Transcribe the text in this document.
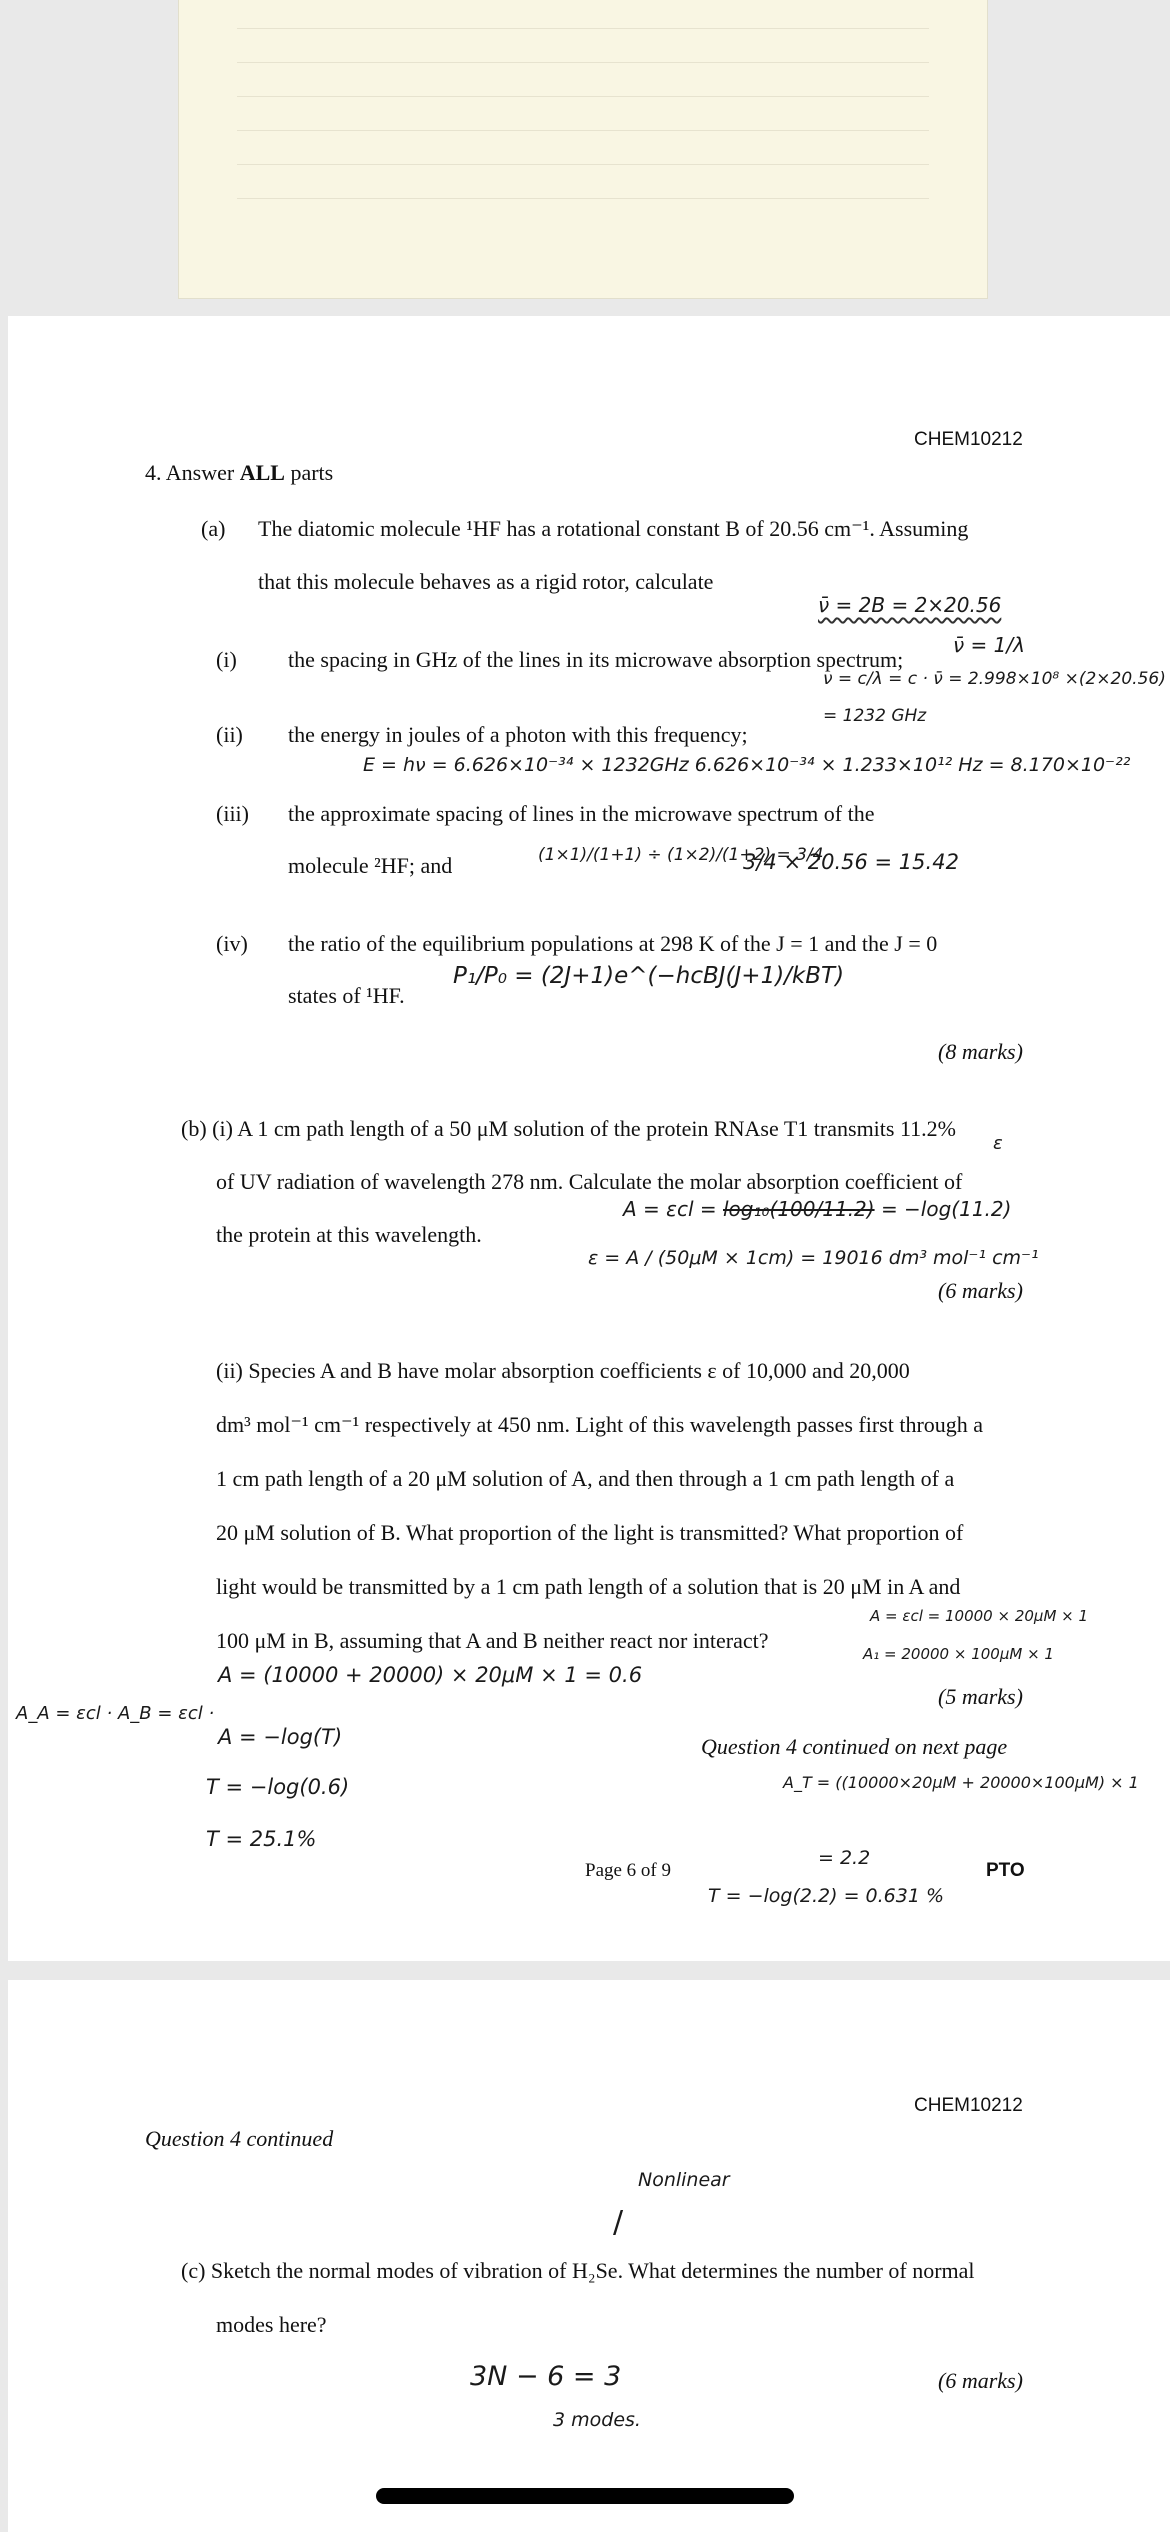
CHEM10212
4. Answer ALL parts
(a) The diatomic molecule ¹HF has a rotational constant B of 20.56 cm⁻¹. Assuming
that this molecule behaves as a rigid rotor, calculate
(i) the spacing in GHz of the lines in its microwave absorption spectrum;
(ii) the energy in joules of a photon with this frequency;
(iii) the approximate spacing of lines in the microwave spectrum of the
molecule ²HF; and
(iv) the ratio of the equilibrium populations at 298 K of the J = 1 and the J = 0
states of ¹HF.
(8 marks)
(b) (i) A 1 cm path length of a 50 μM solution of the protein RNAse T1 transmits 11.2%
of UV radiation of wavelength 278 nm. Calculate the molar absorption coefficient of
the protein at this wavelength.
(6 marks)
(ii) Species A and B have molar absorption coefficients ε of 10,000 and 20,000
dm³ mol⁻¹ cm⁻¹ respectively at 450 nm. Light of this wavelength passes first through a
1 cm path length of a 20 μM solution of A, and then through a 1 cm path length of a
20 μM solution of B. What proportion of the light is transmitted? What proportion of
light would be transmitted by a 1 cm path length of a solution that is 20 μM in A and
100 μM in B, assuming that A and B neither react nor interact?
(5 marks)
Question 4 continued on next page
Page 6 of 9	PTO
ν̄ = 2B = 2×20.56
ν̄ = 1/λ
ν = c/λ = c · ν̄ = 2.998×10⁸ ×(2×20.56)
= 1232 GHz
E = hν = 6.626×10⁻³⁴ × 1232GHz 6.626×10⁻³⁴ × 1.233×10¹² Hz = 8.170×10⁻²²
(1×1)/(1+1) ÷ (1×2)/(1+2) = 3/4
3/4 × 20.56 = 15.42
P₁/P₀ = (2J+1)e^(−hcBJ(J+1)/kBT)
ε
A = εcl = log₁₀(100/11.2) = −log(11.2)
ε = A / (50μM × 1cm) = 19016 dm³ mol⁻¹ cm⁻¹
A = εcl = 10000 × 20μM × 1
A₁ = 20000 × 100μM × 1
A_A = εcl · A_B = εcl ·
A = (10000 + 20000) × 20μM × 1 = 0.6
A = −log(T)
T = −log(0.6)
T = 25.1%
A_T = ((10000×20μM + 20000×100μM) × 1
= 2.2
T = −log(2.2) = 0.631 %
CHEM10212
Question 4 continued
Nonlinear
/
(c) Sketch the normal modes of vibration of H₂Se. What determines the number of normal
modes here?
3N − 6 = 3	(6 marks)
3 modes.
